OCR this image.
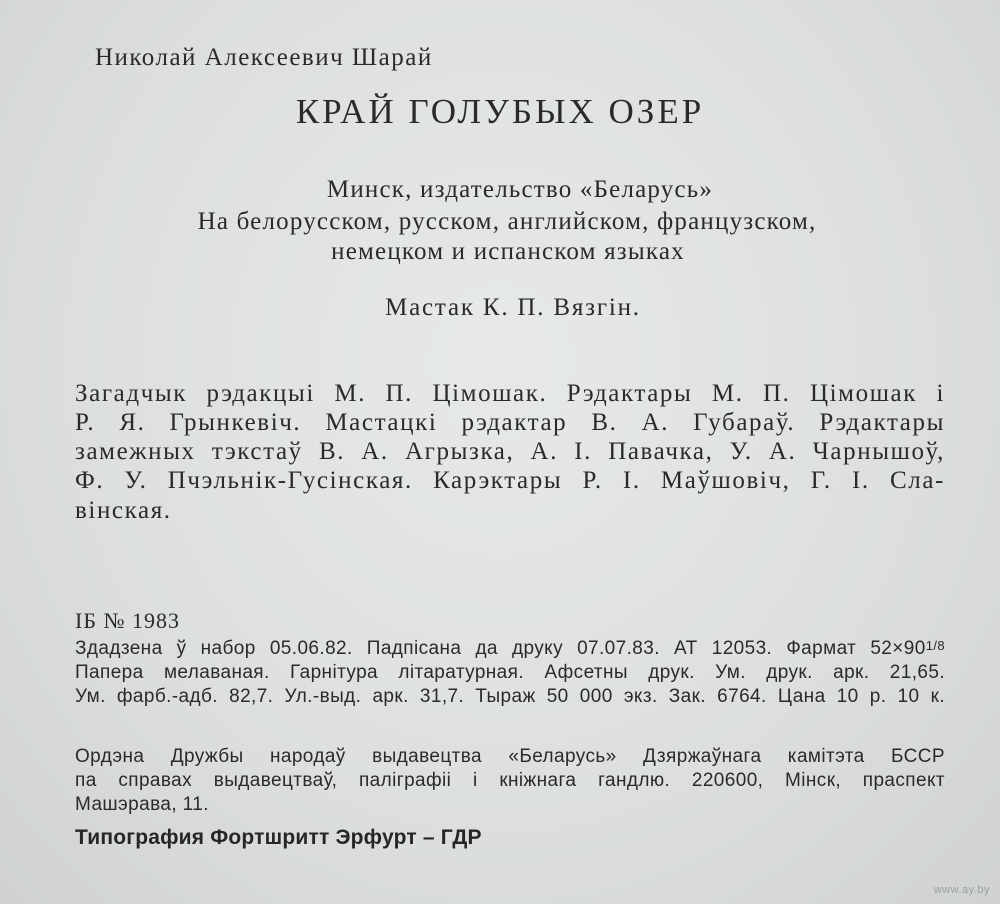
Николай Алексеевич Шарай
КРАЙ ГОЛУБЫХ ОЗЕР
Минск, издательство «Беларусь»
На белорусском, русском, английском, французском,
немецком и испанском языках
Мастак К. П. Вязгін.
Загадчык рэдакцыі М. П. Цімошак. Рэдактары М. П. Цімошак і
Р. Я. Грынкевіч. Мастацкі рэдактар В. А. Губараў. Рэдактары
замежных тэкстаў В. А. Агрызка, А. І. Павачка, У. А. Чарнышоў,
Ф. У. Пчэльнік-Гусінская. Карэктары Р. І. Маўшовіч, Г. І. Сла-
вінская.
ІБ № 1983
Здадзена ў набор 05.06.82. Падпісана да друку 07.07.83. АТ 12053. Фармат $52\times 90^{1/8}$
Папера мелаваная. Гарнітура літаратурная. Афсетны друк. Ум. друк. арк. 21,65.
Ум. фарб.-адб. 82,7. Ул.-выд. арк. 31,7. Тыраж 50 000 экз. Зак. 6764. Цана 10 р. 10 к.
Ордэна Дружбы народаў выдавецтва «Беларусь» Дзяржаўнага камітэта БССР
па справах выдавецтваў, паліграфіі і кніжнага гандлю. 220600, Мінск, праспект
Машэрава, 11.
Типография Фортшритт Эрфурт – ГДР
www.ay.by
